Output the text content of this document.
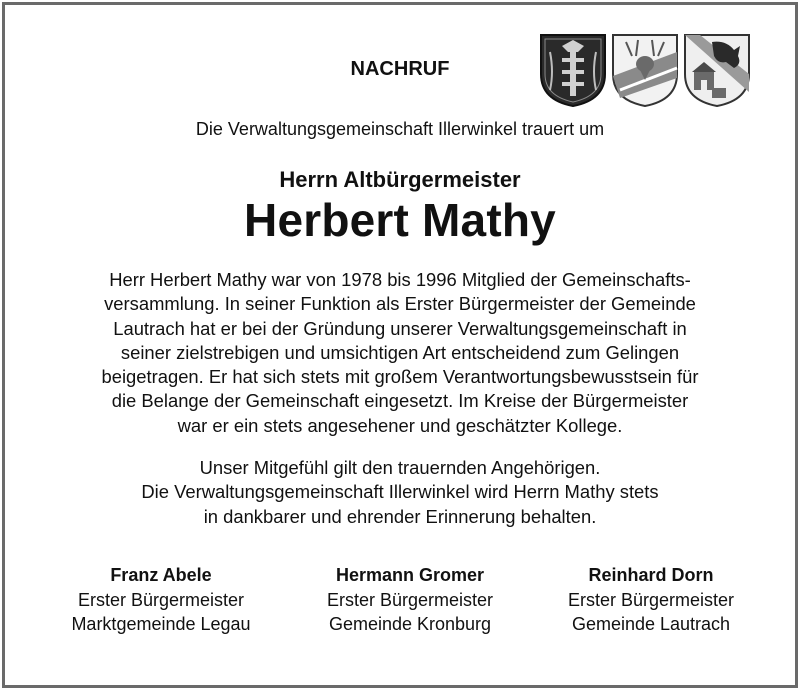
NACHRUF
Die Verwaltungsgemeinschaft Illerwinkel trauert um
Herrn Altbürgermeister
Herbert Mathy
Herr Herbert Mathy war von 1978 bis 1996 Mitglied der Gemeinschafts-
versammlung. In seiner Funktion als Erster Bürgermeister der Gemeinde
Lautrach hat er bei der Gründung unserer Verwaltungsgemeinschaft in
seiner zielstrebigen und umsichtigen Art entscheidend zum Gelingen
beigetragen. Er hat sich stets mit großem Verantwortungsbewusstsein für
die Belange der Gemeinschaft eingesetzt. Im Kreise der Bürgermeister
war er ein stets angesehener und geschätzter Kollege.
Unser Mitgefühl gilt den trauernden Angehörigen.
Die Verwaltungsgemeinschaft Illerwinkel wird Herrn Mathy stets
in dankbarer und ehrender Erinnerung behalten.
Franz Abele
Erster Bürgermeister
Marktgemeinde Legau
Hermann Gromer
Erster Bürgermeister
Gemeinde Kronburg
Reinhard Dorn
Erster Bürgermeister
Gemeinde Lautrach
